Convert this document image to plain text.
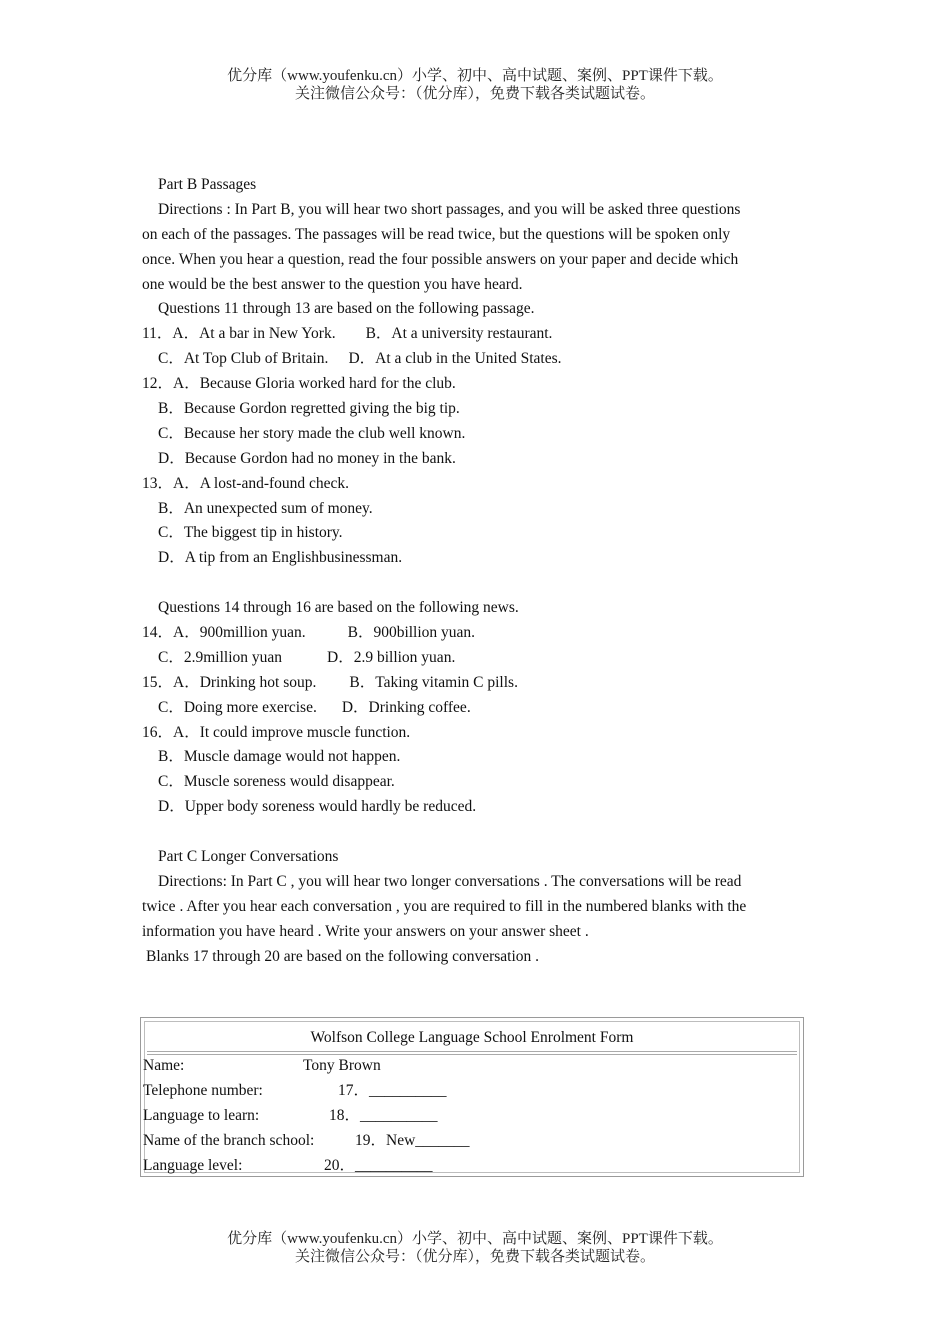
优分库（www.youfenku.cn）小学、初中、高中试题、案例、PPT课件下载。
关注微信公众号：（优分库），免费下载各类试题试卷。
Part B Passages
Directions : In Part B, you will hear two short passages, and you will be asked three questions
on each of the passages. The passages will be read twice, but the questions will be spoken only
once. When you hear a question, read the four possible answers on your paper and decide which
one would be the best answer to the question you have heard.
Questions 11 through 13 are based on the following passage.
11．A．At a bar in New York. B．At a university restaurant.
C．At Top Club of Britain. D．At a club in the United States.
12．A．Because Gloria worked hard for the club.
B．Because Gordon regretted giving the big tip.
C．Because her story made the club well known.
D．Because Gordon had no money in the bank.
13．A．A lost-and-found check.
B．An unexpected sum of money.
C．The biggest tip in history.
D．A tip from an Englishbusinessman.
Questions 14 through 16 are based on the following news.
14．A．900million yuan.	B．900billion yuan.
C．2.9million yuan	D．2.9 billion yuan.
15．A．Drinking hot soup. B．Taking vitamin C pills.
C．Doing more exercise. D．Drinking coffee.
16．A．It could improve muscle function.
B．Muscle damage would not happen.
C．Muscle soreness would disappear.
D．Upper body soreness would hardly be reduced.
Part C Longer Conversations
Directions: In Part C , you will hear two longer conversations . The conversations will be read
twice . After you hear each conversation , you are required to fill in the numbered blanks with the
information you have heard . Write your answers on your answer sheet .
Blanks 17 through 20 are based on the following conversation .
Wolfson College Language School Enrolment Form
Name:	Tony Brown
Telephone number:	17．__________
Language to learn:	18．__________
Name of the branch school:	19．New_______
Language level:	20．__________
优分库（www.youfenku.cn）小学、初中、高中试题、案例、PPT课件下载。
关注微信公众号：（优分库），免费下载各类试题试卷。
